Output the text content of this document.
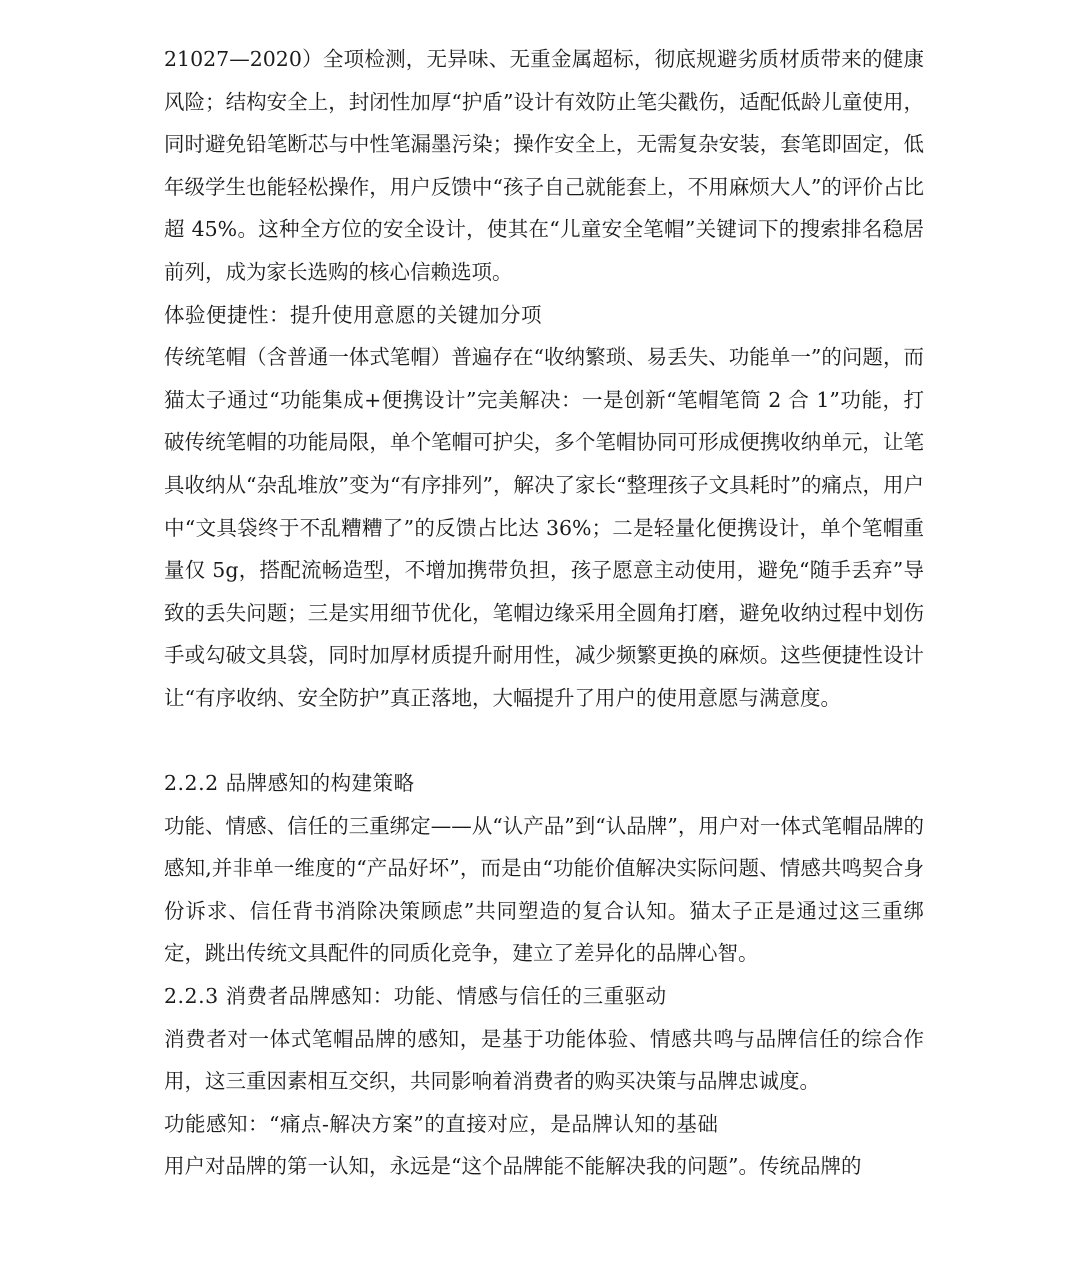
21027—2020）全项检测，无异味、无重金属超标，彻底规避劣质材质带来的健康风险；结构安全上，封闭性加厚“护盾”设计有效防止笔尖戳伤，适配低龄儿童使用，同时避免铅笔断芯与中性笔漏墨污染；操作安全上，无需复杂安装，套笔即固定，低年级学生也能轻松操作，用户反馈中“孩子自己就能套上，不用麻烦大人”的评价占比超 45%。这种全方位的安全设计，使其在“儿童安全笔帽”关键词下的搜索排名稳居前列，成为家长选购的核心信赖选项。

体验便捷性：提升使用意愿的关键加分项

传统笔帽（含普通一体式笔帽）普遍存在“收纳繁琐、易丢失、功能单一”的问题，而猫太子通过“功能集成+便携设计”完美解决：一是创新“笔帽笔筒 2 合 1”功能，打破传统笔帽的功能局限，单个笔帽可护尖，多个笔帽协同可形成便携收纳单元，让笔具收纳从“杂乱堆放”变为“有序排列”，解决了家长“整理孩子文具耗时”的痛点，用户中“文具袋终于不乱糟糟了”的反馈占比达 36%；二是轻量化便携设计，单个笔帽重量仅 5g，搭配流畅造型，不增加携带负担，孩子愿意主动使用，避免“随手丢弃”导致的丢失问题；三是实用细节优化，笔帽边缘采用全圆角打磨，避免收纳过程中划伤手或勾破文具袋，同时加厚材质提升耐用性，减少频繁更换的麻烦。这些便捷性设计让“有序收纳、安全防护”真正落地，大幅提升了用户的使用意愿与满意度。

2.2.2 品牌感知的构建策略

功能、情感、信任的三重绑定——从“认产品”到“认品牌”，用户对一体式笔帽品牌的感知,并非单一维度的“产品好坏”，而是由“功能价值解决实际问题、情感共鸣契合身份诉求、信任背书消除决策顾虑”共同塑造的复合认知。猫太子正是通过这三重绑定，跳出传统文具配件的同质化竞争，建立了差异化的品牌心智。

2.2.3 消费者品牌感知：功能、情感与信任的三重驱动

消费者对一体式笔帽品牌的感知，是基于功能体验、情感共鸣与品牌信任的综合作用，这三重因素相互交织，共同影响着消费者的购买决策与品牌忠诚度。

功能感知：“痛点-解决方案”的直接对应，是品牌认知的基础

用户对品牌的第一认知，永远是“这个品牌能不能解决我的问题”。传统品牌的
